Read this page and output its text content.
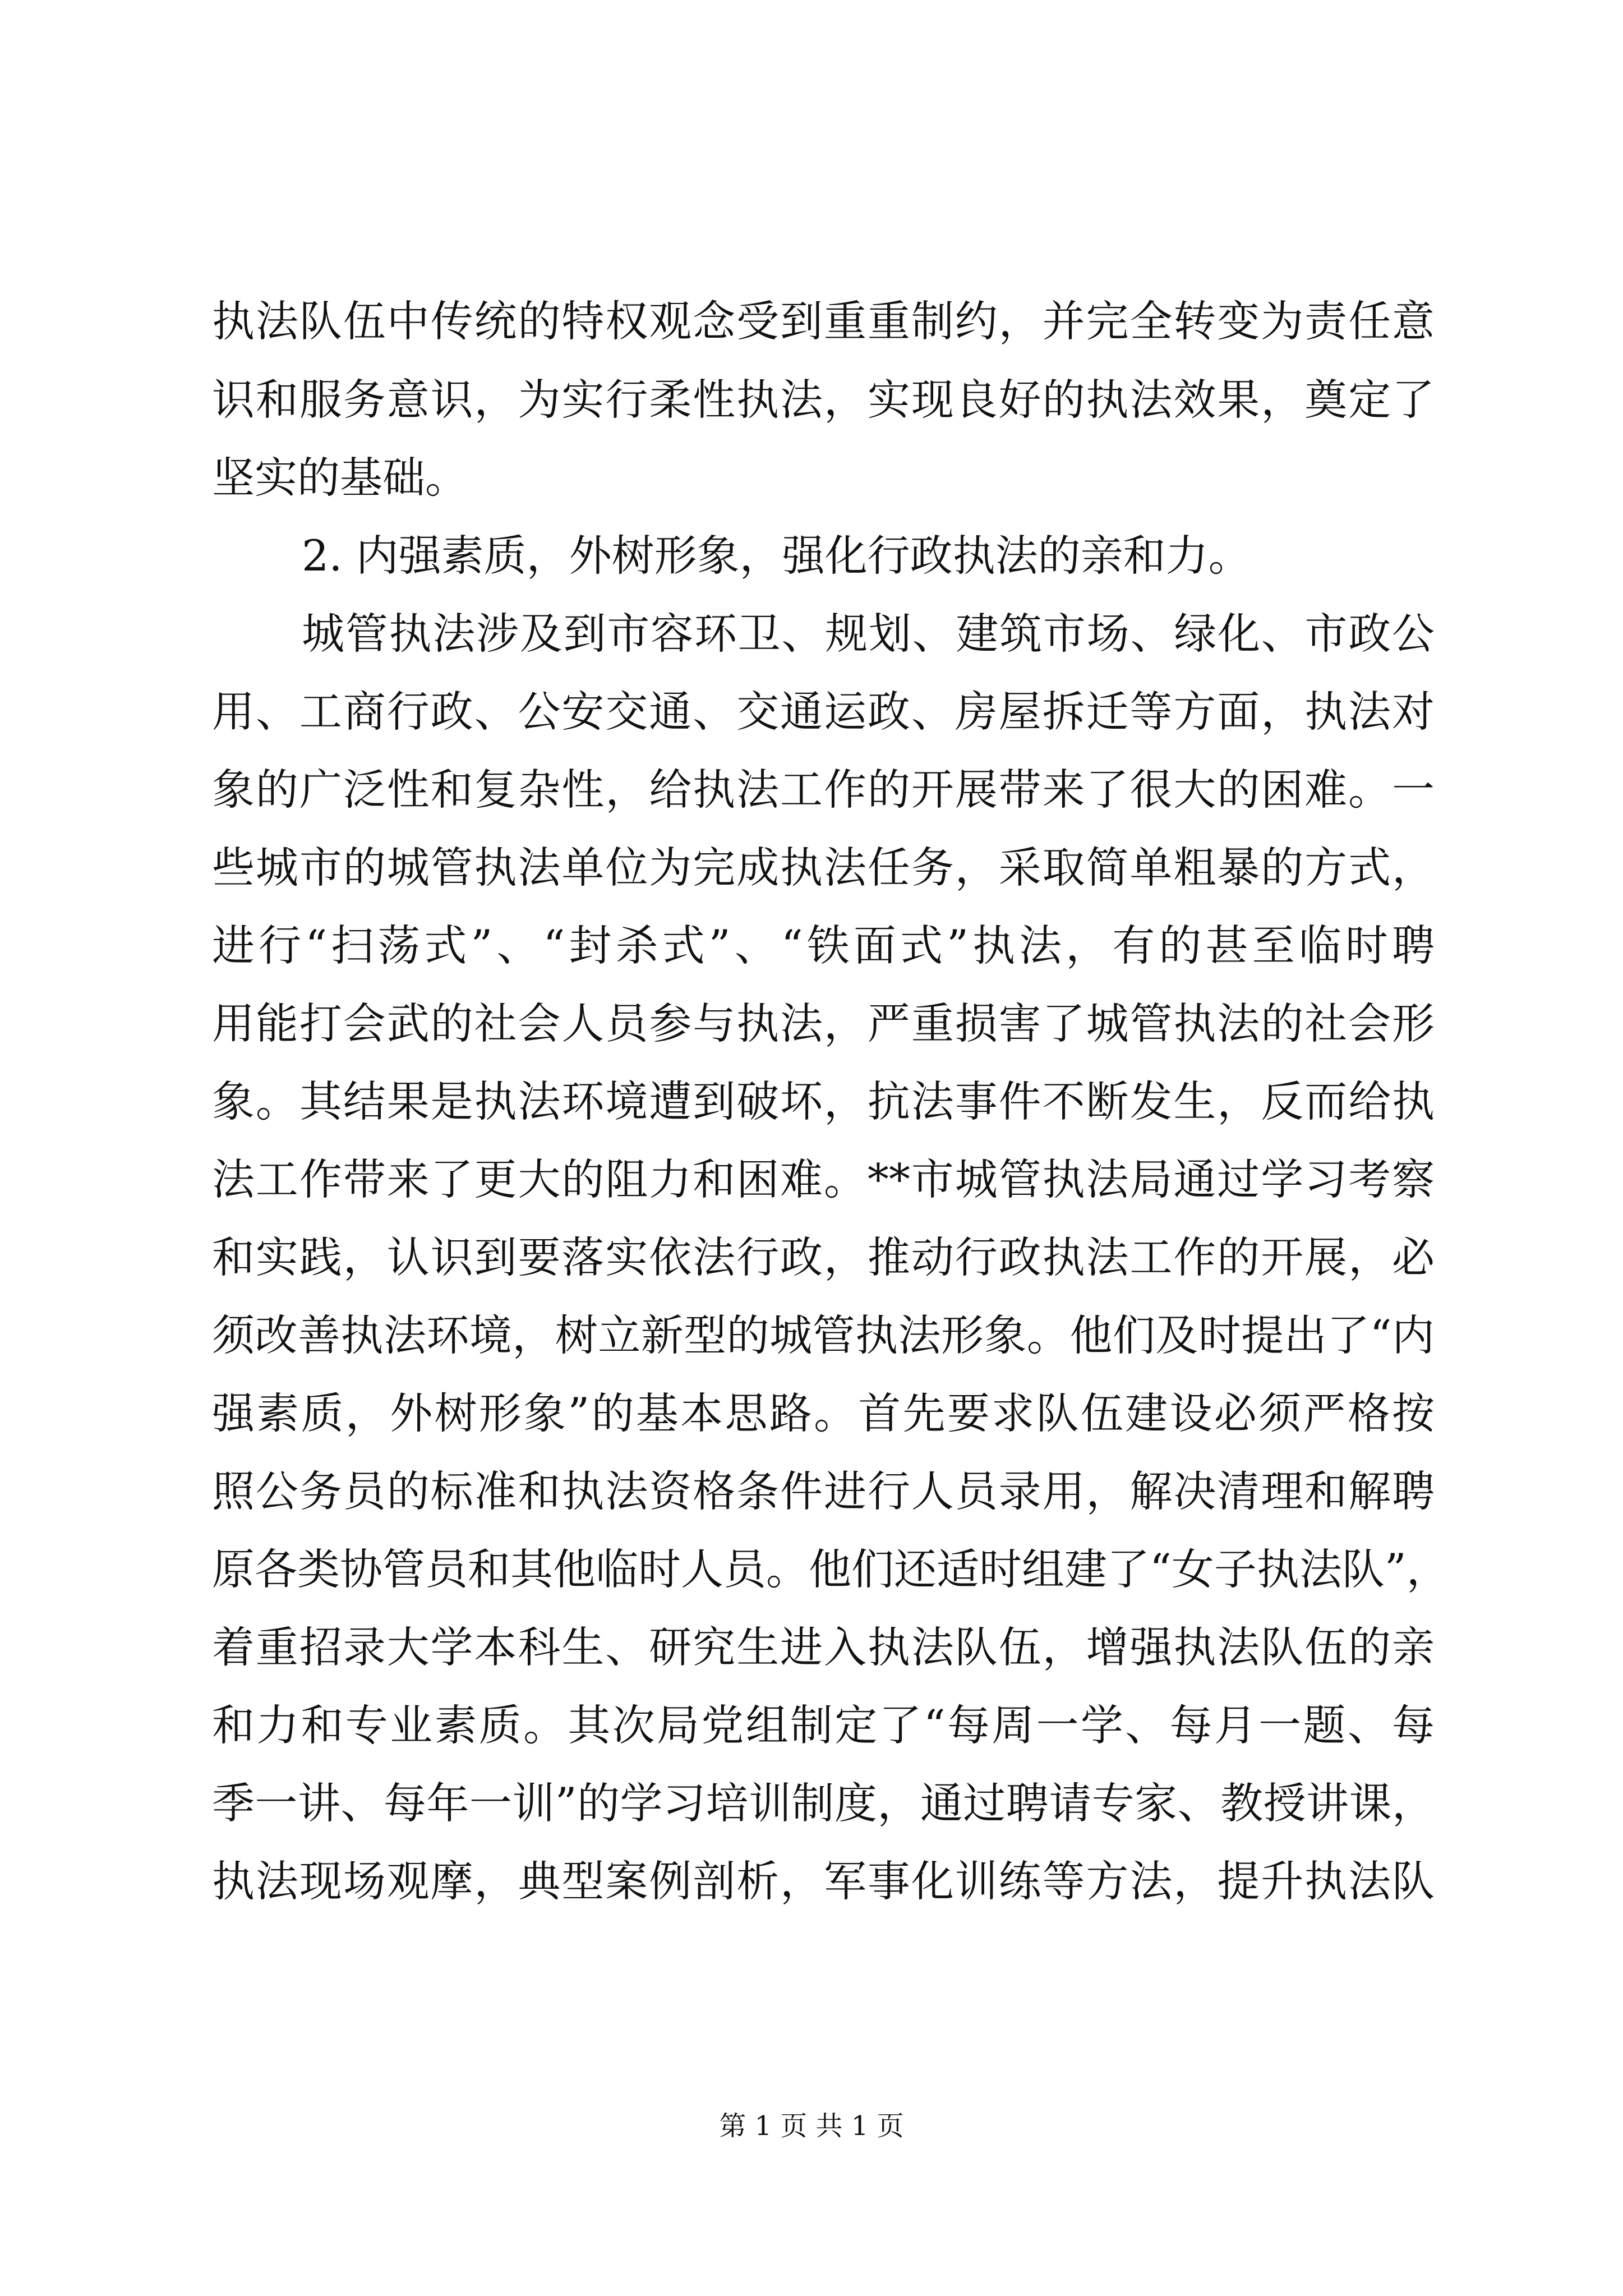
执法队伍中传统的特权观念受到重重制约，并完全转变为责任意
识和服务意识，为实行柔性执法，实现良好的执法效果，奠定了
坚实的基础。
2. 内强素质，外树形象，强化行政执法的亲和力。
城管执法涉及到市容环卫、规划、建筑市场、绿化、市政公
用、工商行政、公安交通、交通运政、房屋拆迁等方面，执法对
象的广泛性和复杂性，给执法工作的开展带来了很大的困难。一
些城市的城管执法单位为完成执法任务，采取简单粗暴的方式，
进行“扫荡式”、“封杀式”、“铁面式”执法，有的甚至临时聘
用能打会武的社会人员参与执法，严重损害了城管执法的社会形
象。其结果是执法环境遭到破坏，抗法事件不断发生，反而给执
法工作带来了更大的阻力和困难。**市城管执法局通过学习考察
和实践，认识到要落实依法行政，推动行政执法工作的开展，必
须改善执法环境，树立新型的城管执法形象。他们及时提出了“内
强素质，外树形象”的基本思路。首先要求队伍建设必须严格按
照公务员的标准和执法资格条件进行人员录用，解决清理和解聘
原各类协管员和其他临时人员。他们还适时组建了“女子执法队”，
着重招录大学本科生、研究生进入执法队伍，增强执法队伍的亲
和力和专业素质。其次局党组制定了“每周一学、每月一题、每
季一讲、每年一训”的学习培训制度，通过聘请专家、教授讲课，
执法现场观摩，典型案例剖析，军事化训练等方法，提升执法队
第 1 页 共 1 页
